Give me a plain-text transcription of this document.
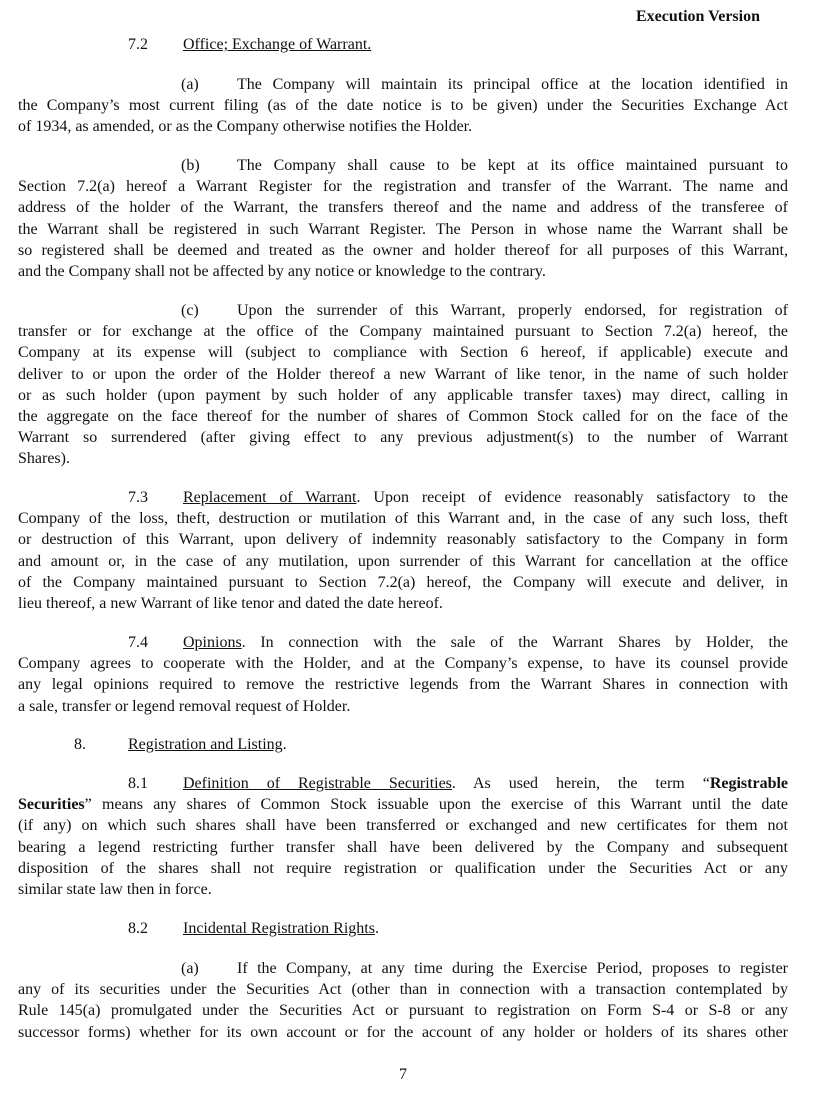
Execution Version
7.2 Office; Exchange of Warrant.
(a) The Company will maintain its principal office at the location identified in
the Company’s most current filing (as of the date notice is to be given) under the Securities Exchange Act
of 1934, as amended, or as the Company otherwise notifies the Holder.
(b) The Company shall cause to be kept at its office maintained pursuant to
Section 7.2(a) hereof a Warrant Register for the registration and transfer of the Warrant. The name and
address of the holder of the Warrant, the transfers thereof and the name and address of the transferee of
the Warrant shall be registered in such Warrant Register. The Person in whose name the Warrant shall be
so registered shall be deemed and treated as the owner and holder thereof for all purposes of this Warrant,
and the Company shall not be affected by any notice or knowledge to the contrary.
(c) Upon the surrender of this Warrant, properly endorsed, for registration of
transfer or for exchange at the office of the Company maintained pursuant to Section 7.2(a) hereof, the
Company at its expense will (subject to compliance with Section 6 hereof, if applicable) execute and
deliver to or upon the order of the Holder thereof a new Warrant of like tenor, in the name of such holder
or as such holder (upon payment by such holder of any applicable transfer taxes) may direct, calling in
the aggregate on the face thereof for the number of shares of Common Stock called for on the face of the
Warrant so surrendered (after giving effect to any previous adjustment(s) to the number of Warrant
Shares).
7.3 Replacement of Warrant. Upon receipt of evidence reasonably satisfactory to the
Company of the loss, theft, destruction or mutilation of this Warrant and, in the case of any such loss, theft
or destruction of this Warrant, upon delivery of indemnity reasonably satisfactory to the Company in form
and amount or, in the case of any mutilation, upon surrender of this Warrant for cancellation at the office
of the Company maintained pursuant to Section 7.2(a) hereof, the Company will execute and deliver, in
lieu thereof, a new Warrant of like tenor and dated the date hereof.
7.4 Opinions. In connection with the sale of the Warrant Shares by Holder, the
Company agrees to cooperate with the Holder, and at the Company’s expense, to have its counsel provide
any legal opinions required to remove the restrictive legends from the Warrant Shares in connection with
a sale, transfer or legend removal request of Holder.
8.	Registration and Listing.
8.1 Definition of Registrable Securities. As used herein, the term “Registrable
Securities” means any shares of Common Stock issuable upon the exercise of this Warrant until the date
(if any) on which such shares shall have been transferred or exchanged and new certificates for them not
bearing a legend restricting further transfer shall have been delivered by the Company and subsequent
disposition of the shares shall not require registration or qualification under the Securities Act or any
similar state law then in force.
8.2 Incidental Registration Rights.
(a) If the Company, at any time during the Exercise Period, proposes to register
any of its securities under the Securities Act (other than in connection with a transaction contemplated by
Rule 145(a) promulgated under the Securities Act or pursuant to registration on Form S-4 or S-8 or any
successor forms) whether for its own account or for the account of any holder or holders of its shares other
7
